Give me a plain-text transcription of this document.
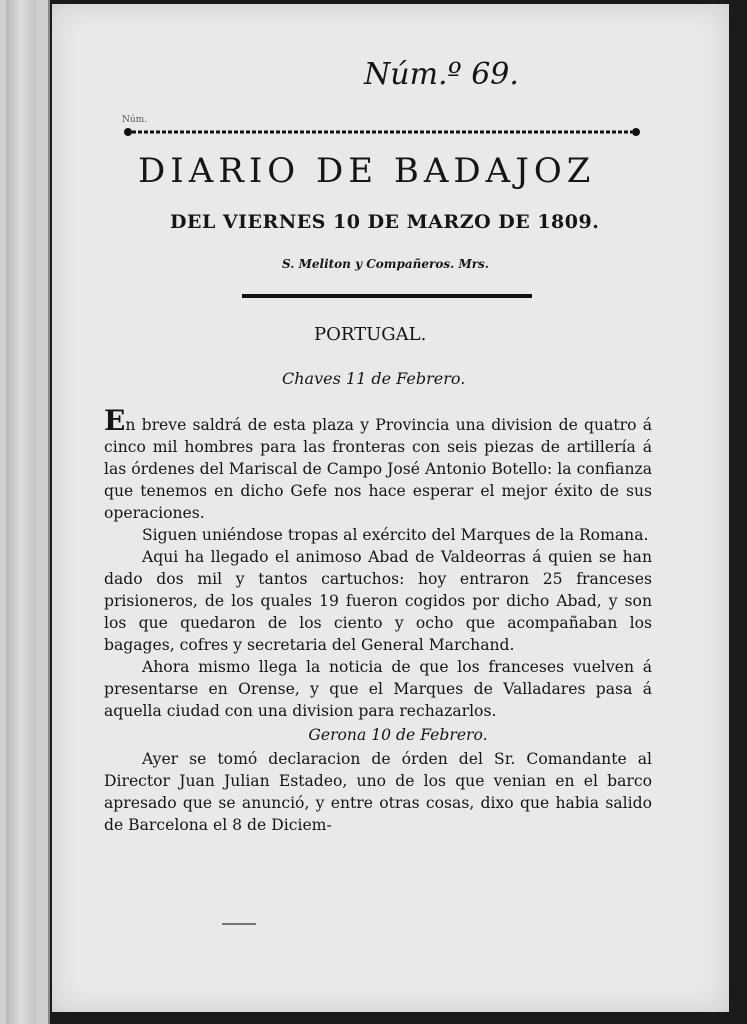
Núm.
Núm.º 69.
DIARIO DE BADAJOZ
DEL VIERNES 10 DE MARZO DE 1809.
S. Meliton y Compañeros. Mrs.
PORTUGAL.
Chaves 11 de Febrero.

En breve saldrá de esta plaza y Provincia una division de quatro á cinco mil hombres para las fronteras con seis piezas de artillería á las órdenes del Mariscal de Campo José Antonio Botello: la confianza que tenemos en dicho Gefe nos hace esperar el mejor éxito de sus operaciones.

Siguen uniéndose tropas al exército del Marques de la Romana.

Aqui ha llegado el animoso Abad de Valdeorras á quien se han dado dos mil y tantos cartuchos: hoy entraron 25 franceses prisioneros, de los quales 19 fueron cogidos por dicho Abad, y son los que quedaron de los ciento y ocho que acompañaban los bagages, cofres y secretaria del General Marchand.

Ahora mismo llega la noticia de que los franceses vuelven á presentarse en Orense, y que el Marques de Valladares pasa á aquella ciudad con una division para rechazarlos.

Gerona 10 de Febrero.

Ayer se tomó declaracion de órden del Sr. Comandante al Director Juan Julian Estadeo, uno de los que venian en el barco apresado que se anunció, y entre otras cosas, dixo que habia salido de Barcelona el 8 de Diciem-
